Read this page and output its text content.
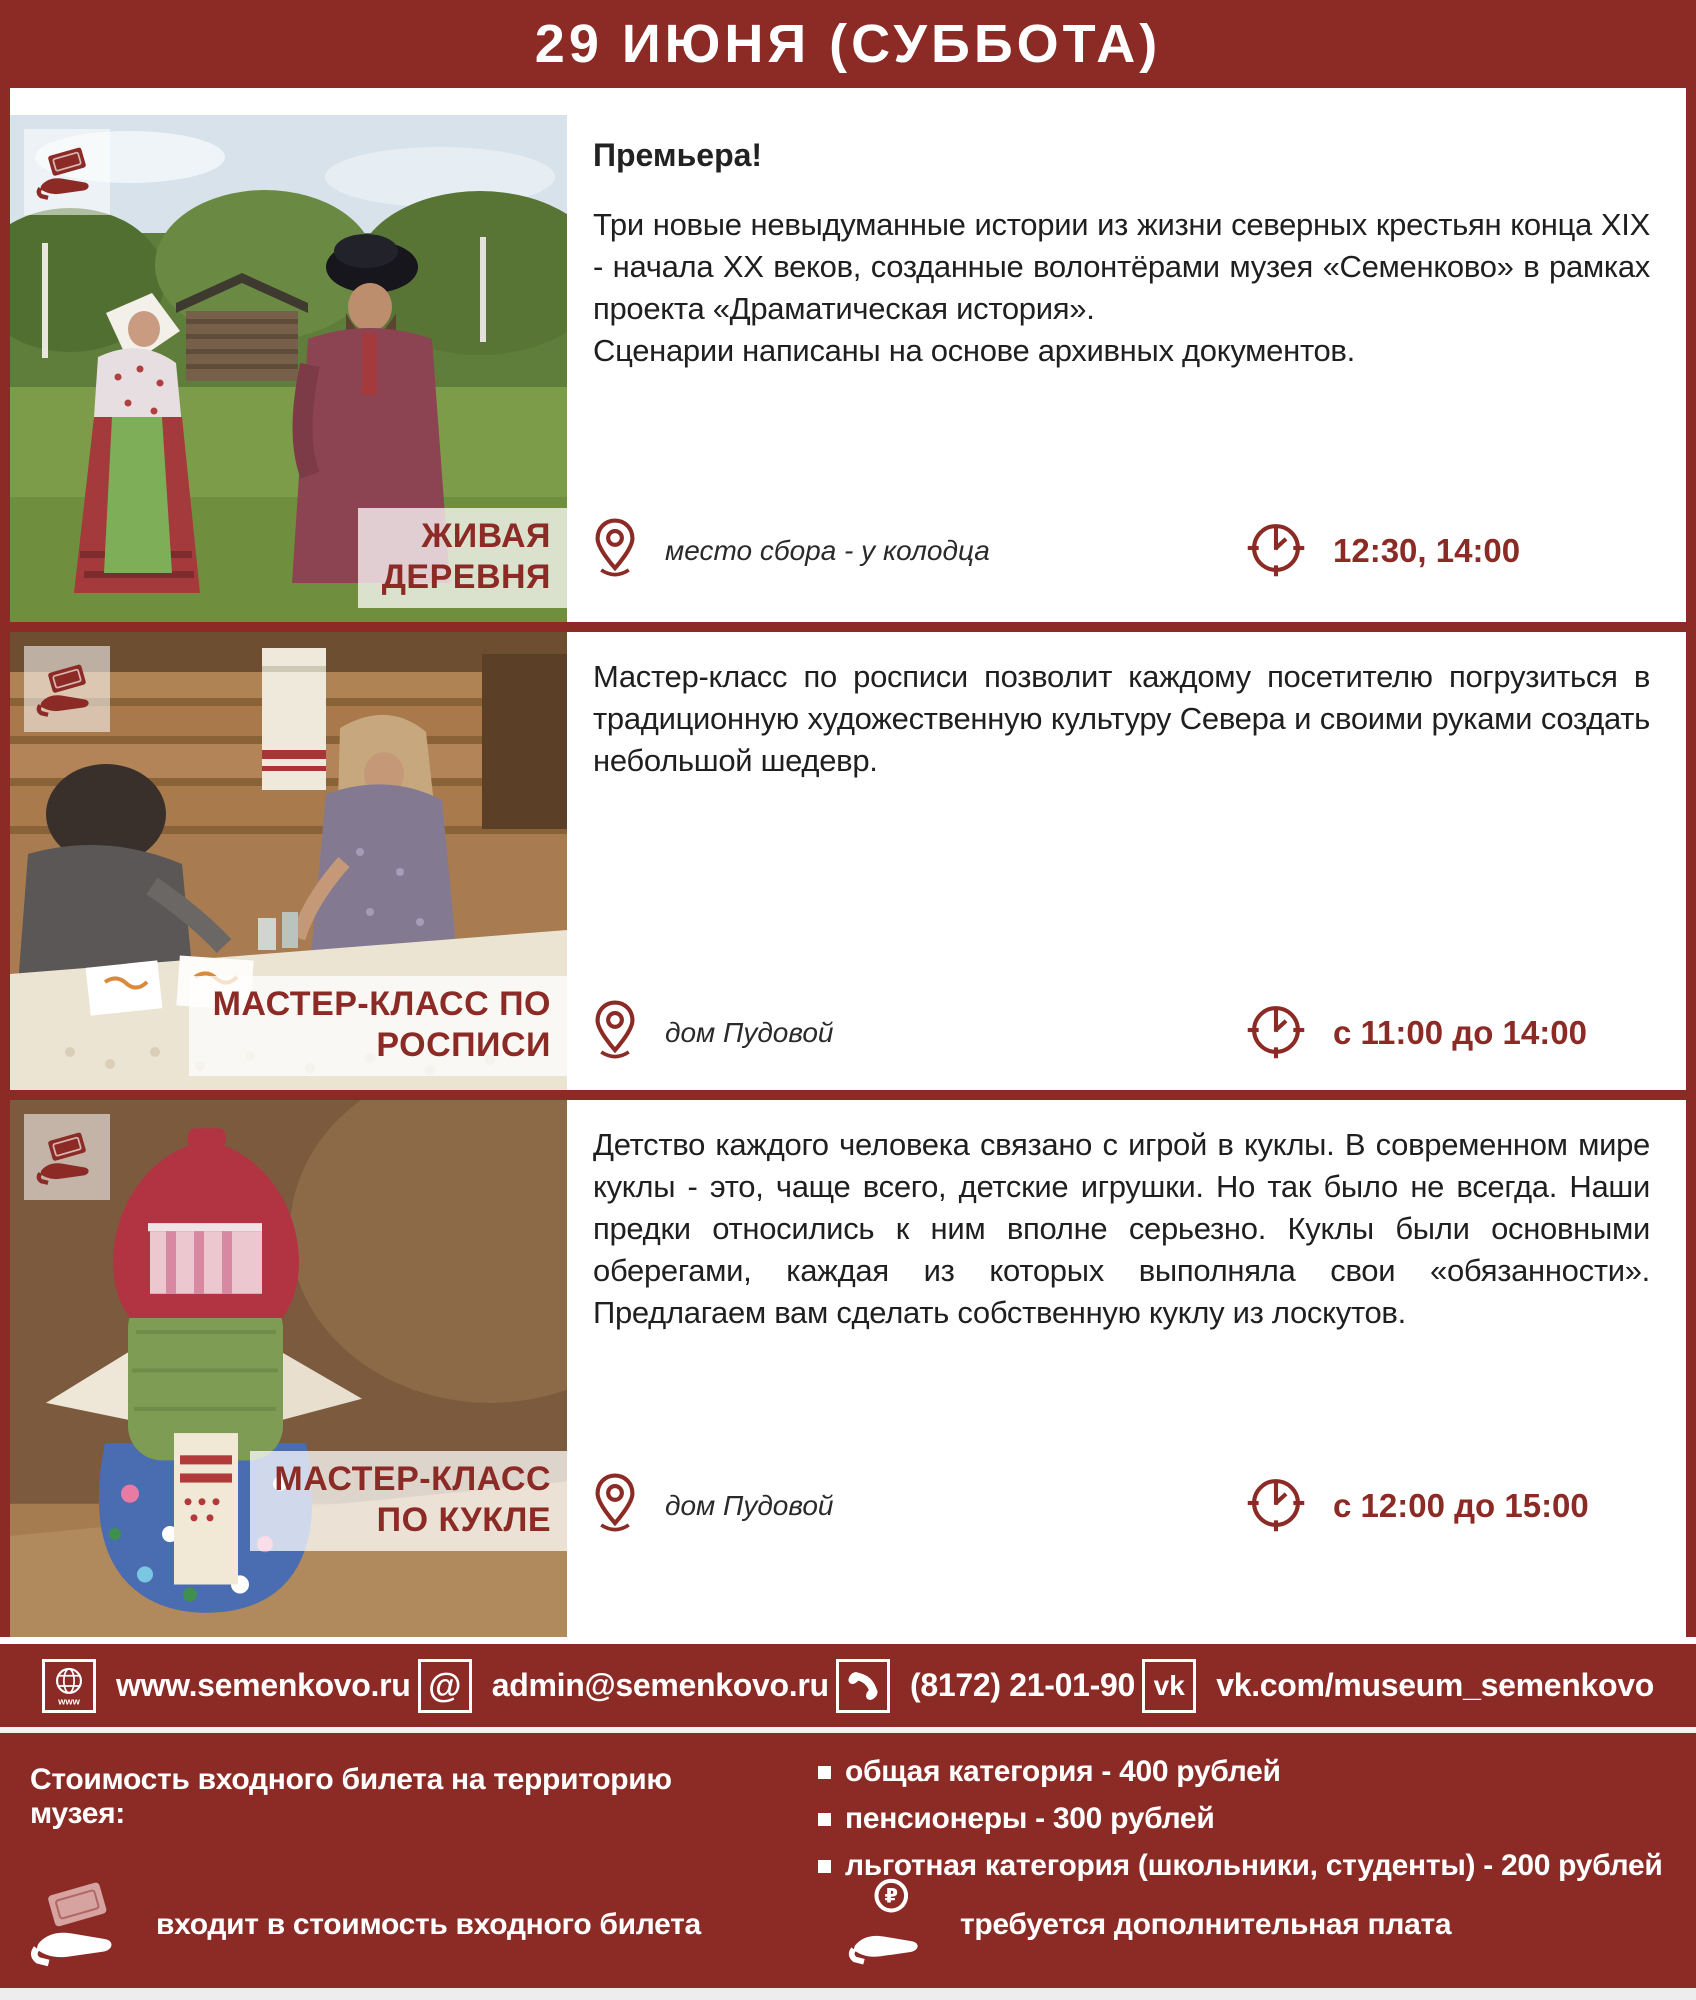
29 ИЮНЯ (СУББОТА)
ЖИВАЯ
ДЕРЕВНЯ
Премьера!
Три новые невыдуманные истории из жизни северных крестьян конца XIX - начала XX веков, созданные волонтёрами музея «Семенково» в рамках проекта «Драматическая история».
Сценарии написаны на основе архивных документов.
место сбора - у колодца	12:30, 14:00
МАСТЕР-КЛАСС ПО
РОСПИСИ
Мастер-класс по росписи позволит каждому посетителю погрузиться в традиционную художественную культуру Севера и своими руками создать небольшой шедевр.
дом Пудовой	с 11:00 до 14:00
МАСТЕР-КЛАСС
ПО КУКЛЕ
Детство каждого человека связано с игрой в куклы. В современном мире куклы - это, чаще всего, детские игрушки. Но так было не всегда. Наши предки относились к ним вполне серьезно. Куклы были основными оберегами, каждая из которых выполняла свои «обязанности». Предлагаем вам сделать собственную куклу из лоскутов.
дом Пудовой	с 12:00 до 15:00
www www.semenkovo.ru @ admin@semenkovo.ru	(8172) 21-01-90 vk vk.com/museum_semenkovo
Стоимость входного билета на территорию музея:
общая категория - 400 рублей
пенсионеры - 300 рублей
льготная категория (школьники, студенты) - 200 рублей
входит в стоимость входного билета
₽
требуется дополнительная плата
